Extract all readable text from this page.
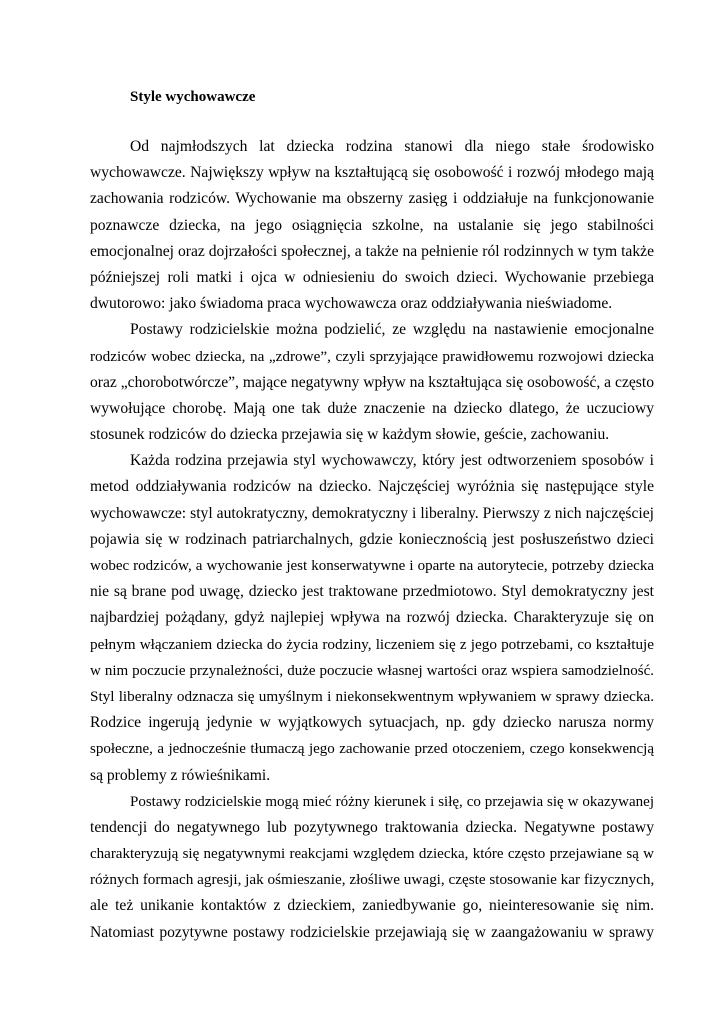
Style wychowawcze
Od najmłodszych lat dziecka rodzina stanowi dla niego stałe środowisko
wychowawcze. Największy wpływ na kształtującą się osobowość i rozwój młodego mają
zachowania rodziców. Wychowanie ma obszerny zasięg i oddziałuje na funkcjonowanie
poznawcze dziecka, na jego osiągnięcia szkolne, na ustalanie się jego stabilności
emocjonalnej oraz dojrzałości społecznej, a także na pełnienie ról rodzinnych w tym także
późniejszej roli matki i ojca w odniesieniu do swoich dzieci. Wychowanie przebiega
dwutorowo: jako świadoma praca wychowawcza oraz oddziaływania nieświadome.
Postawy rodzicielskie można podzielić, ze względu na nastawienie emocjonalne
rodziców wobec dziecka, na „zdrowe”, czyli sprzyjające prawidłowemu rozwojowi dziecka
oraz „chorobotwórcze”, mające negatywny wpływ na kształtująca się osobowość, a często
wywołujące chorobę. Mają one tak duże znaczenie na dziecko dlatego, że uczuciowy
stosunek rodziców do dziecka przejawia się w każdym słowie, geście, zachowaniu.
Każda rodzina przejawia styl wychowawczy, który jest odtworzeniem sposobów i
metod oddziaływania rodziców na dziecko. Najczęściej wyróżnia się następujące style
wychowawcze: styl autokratyczny, demokratyczny i liberalny. Pierwszy z nich najczęściej
pojawia się w rodzinach patriarchalnych, gdzie koniecznością jest posłuszeństwo dzieci
wobec rodziców, a wychowanie jest konserwatywne i oparte na autorytecie, potrzeby dziecka
nie są brane pod uwagę, dziecko jest traktowane przedmiotowo. Styl demokratyczny jest
najbardziej pożądany, gdyż najlepiej wpływa na rozwój dziecka. Charakteryzuje się on
pełnym włączaniem dziecka do życia rodziny, liczeniem się z jego potrzebami, co kształtuje
w nim poczucie przynależności, duże poczucie własnej wartości oraz wspiera samodzielność.
Styl liberalny odznacza się umyślnym i niekonsekwentnym wpływaniem w sprawy dziecka.
Rodzice ingerują jedynie w wyjątkowych sytuacjach, np. gdy dziecko narusza normy
społeczne, a jednocześnie tłumaczą jego zachowanie przed otoczeniem, czego konsekwencją
są problemy z rówieśnikami.
Postawy rodzicielskie mogą mieć różny kierunek i siłę, co przejawia się w okazywanej
tendencji do negatywnego lub pozytywnego traktowania dziecka. Negatywne postawy
charakteryzują się negatywnymi reakcjami względem dziecka, które często przejawiane są w
różnych formach agresji, jak ośmieszanie, złośliwe uwagi, częste stosowanie kar fizycznych,
ale też unikanie kontaktów z dzieckiem, zaniedbywanie go, nieinteresowanie się nim.
Natomiast pozytywne postawy rodzicielskie przejawiają się w zaangażowaniu w sprawy
